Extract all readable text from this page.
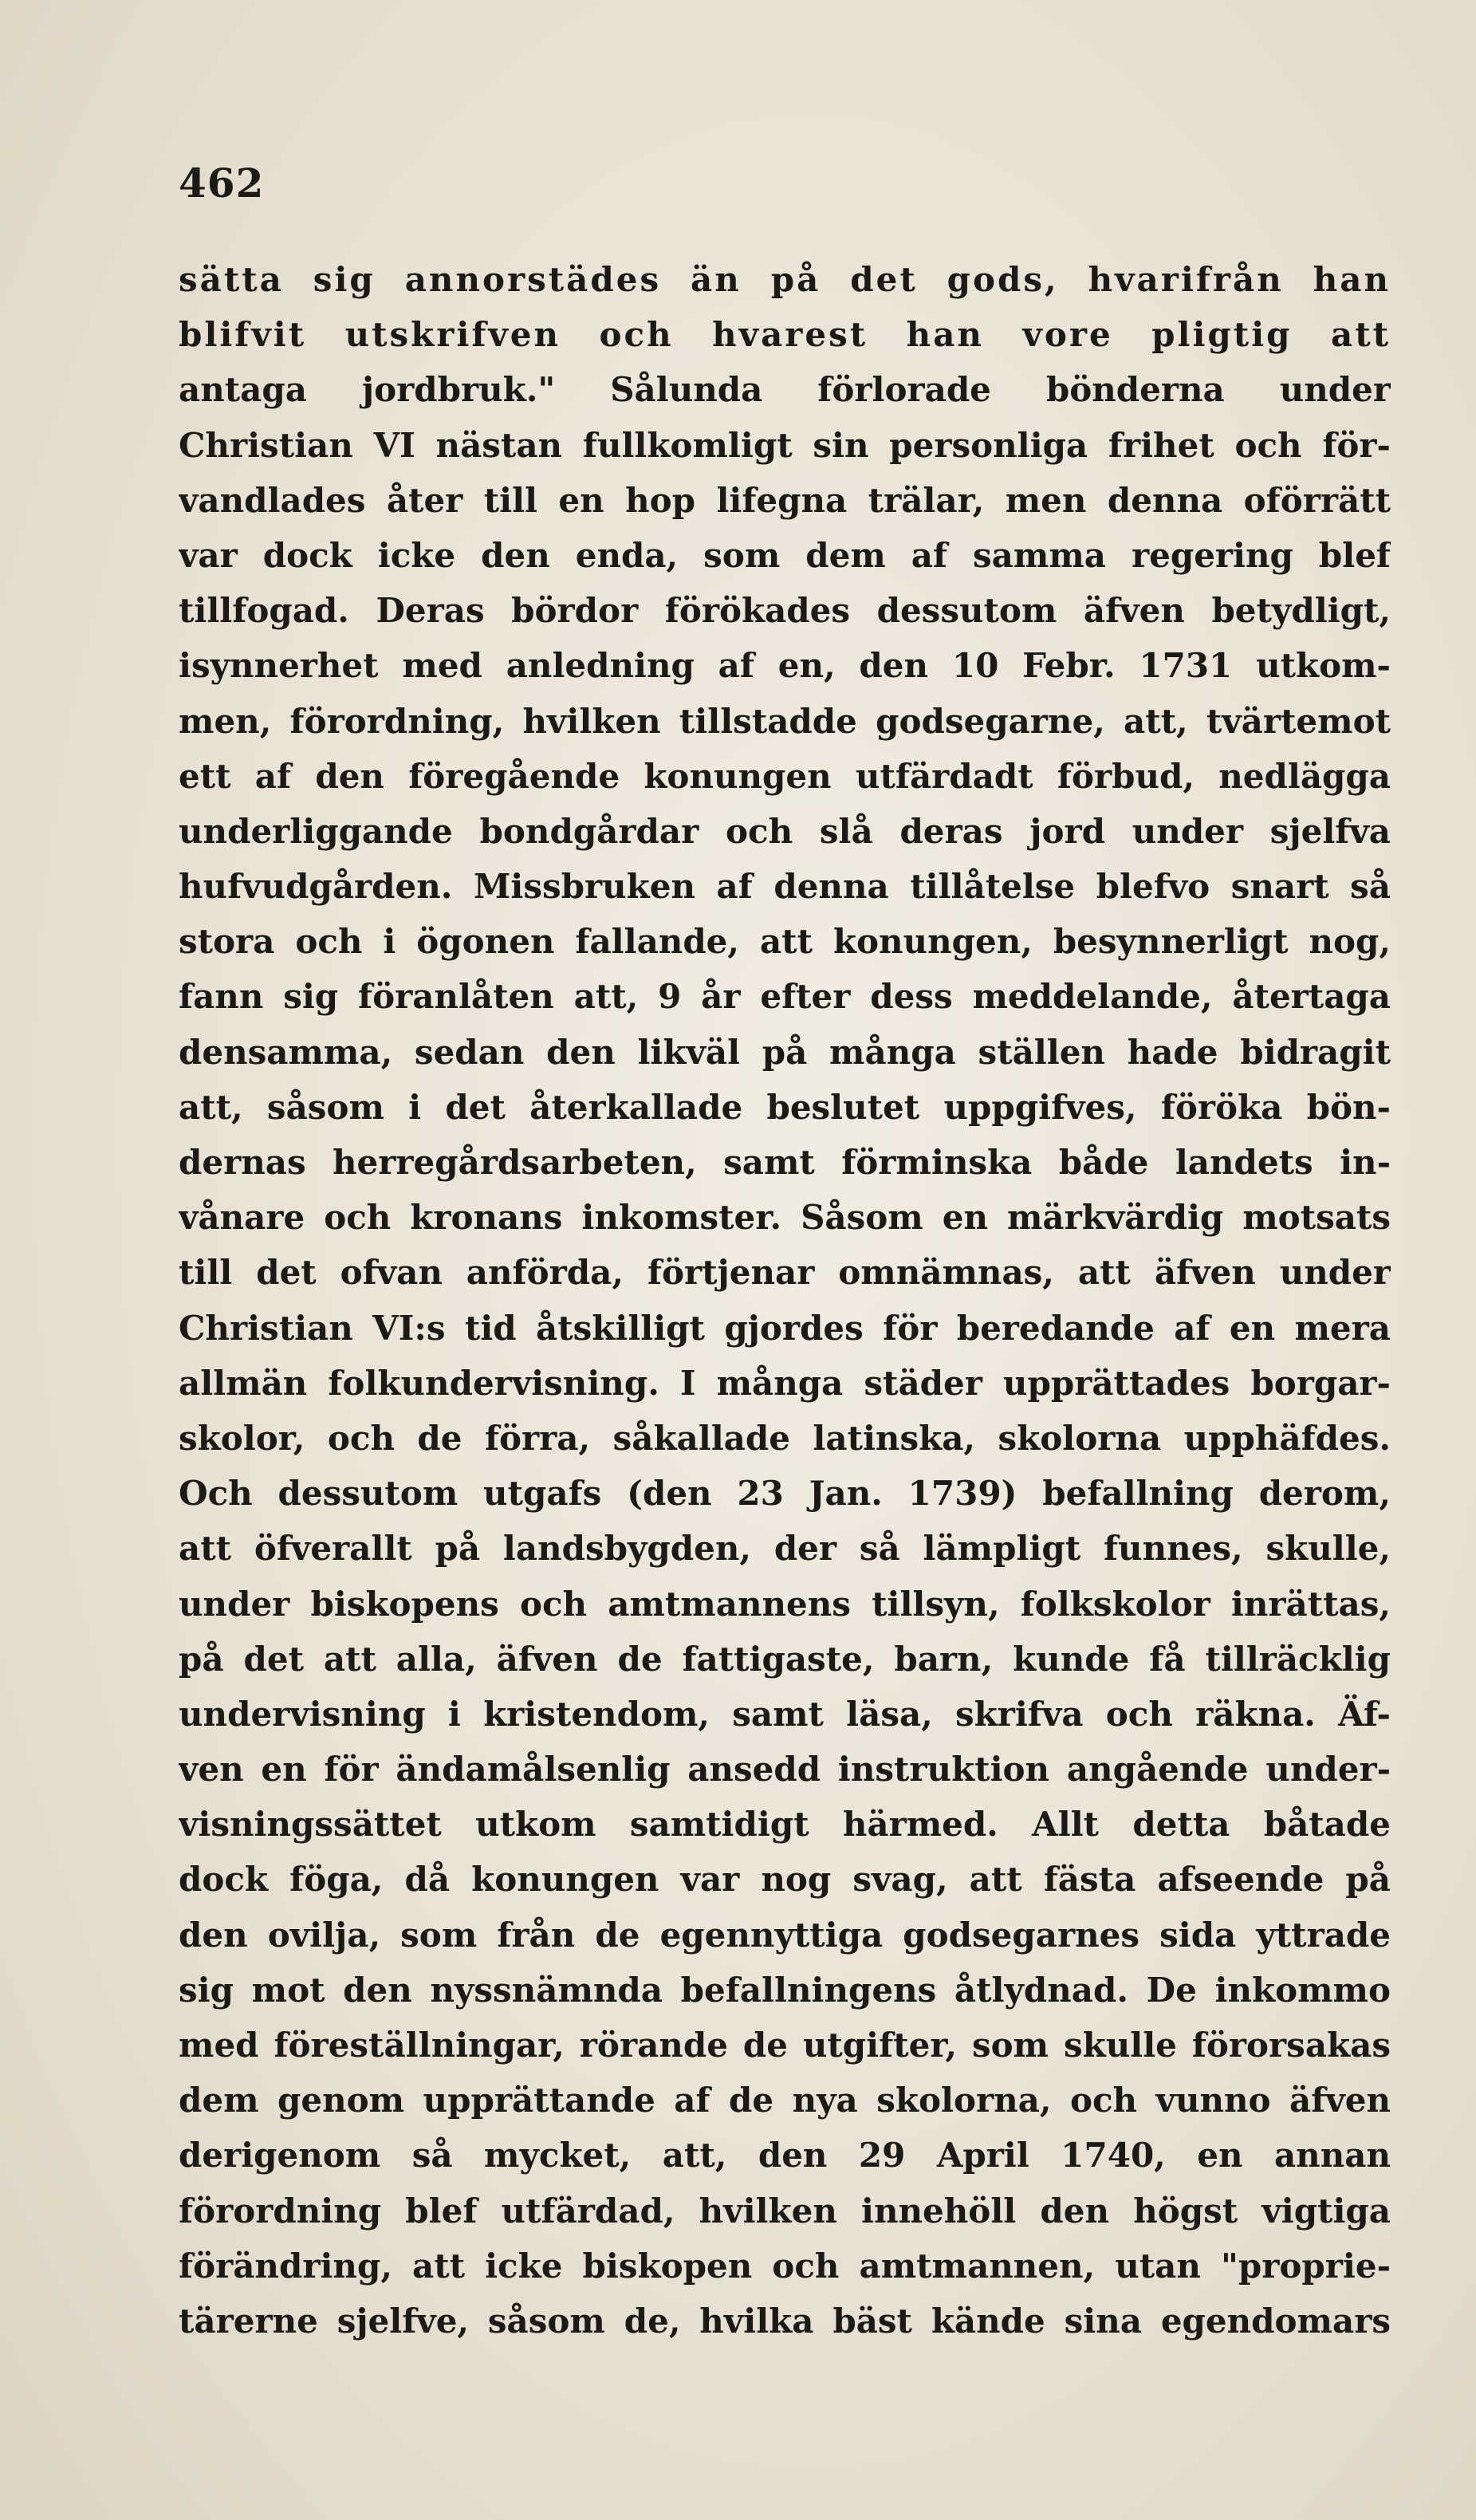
462
sätta sig annorstädes än på det gods, hvarifrån han
blifvit utskrifven och hvarest han vore pligtig att
antaga jordbruk." Sålunda förlorade bönderna under
Christian VI nästan fullkomligt sin personliga frihet och för-
vandlades åter till en hop lifegna trälar, men denna oförrätt
var dock icke den enda, som dem af samma regering blef
tillfogad. Deras bördor förökades dessutom äfven betydligt,
isynnerhet med anledning af en, den 10 Febr. 1731 utkom-
men, förordning, hvilken tillstadde godsegarne, att, tvärtemot
ett af den föregående konungen utfärdadt förbud, nedlägga
underliggande bondgårdar och slå deras jord under sjelfva
hufvudgården. Missbruken af denna tillåtelse blefvo snart så
stora och i ögonen fallande, att konungen, besynnerligt nog,
fann sig föranlåten att, 9 år efter dess meddelande, återtaga
densamma, sedan den likväl på många ställen hade bidragit
att, såsom i det återkallade beslutet uppgifves, föröka bön-
dernas herregårdsarbeten, samt förminska både landets in-
vånare och kronans inkomster. Såsom en märkvärdig motsats
till det ofvan anförda, förtjenar omnämnas, att äfven under
Christian VI:s tid åtskilligt gjordes för beredande af en mera
allmän folkundervisning. I många städer upprättades borgar-
skolor, och de förra, såkallade latinska, skolorna upphäfdes.
Och dessutom utgafs (den 23 Jan. 1739) befallning derom,
att öfverallt på landsbygden, der så lämpligt funnes, skulle,
under biskopens och amtmannens tillsyn, folkskolor inrättas,
på det att alla, äfven de fattigaste, barn, kunde få tillräcklig
undervisning i kristendom, samt läsa, skrifva och räkna. Äf-
ven en för ändamålsenlig ansedd instruktion angående under-
visningssättet utkom samtidigt härmed. Allt detta båtade
dock föga, då konungen var nog svag, att fästa afseende på
den ovilja, som från de egennyttiga godsegarnes sida yttrade
sig mot den nyssnämnda befallningens åtlydnad. De inkommo
med föreställningar, rörande de utgifter, som skulle förorsakas
dem genom upprättande af de nya skolorna, och vunno äfven
derigenom så mycket, att, den 29 April 1740, en annan
förordning blef utfärdad, hvilken innehöll den högst vigtiga
förändring, att icke biskopen och amtmannen, utan "proprie-
tärerne sjelfve, såsom de, hvilka bäst kände sina egendomars
